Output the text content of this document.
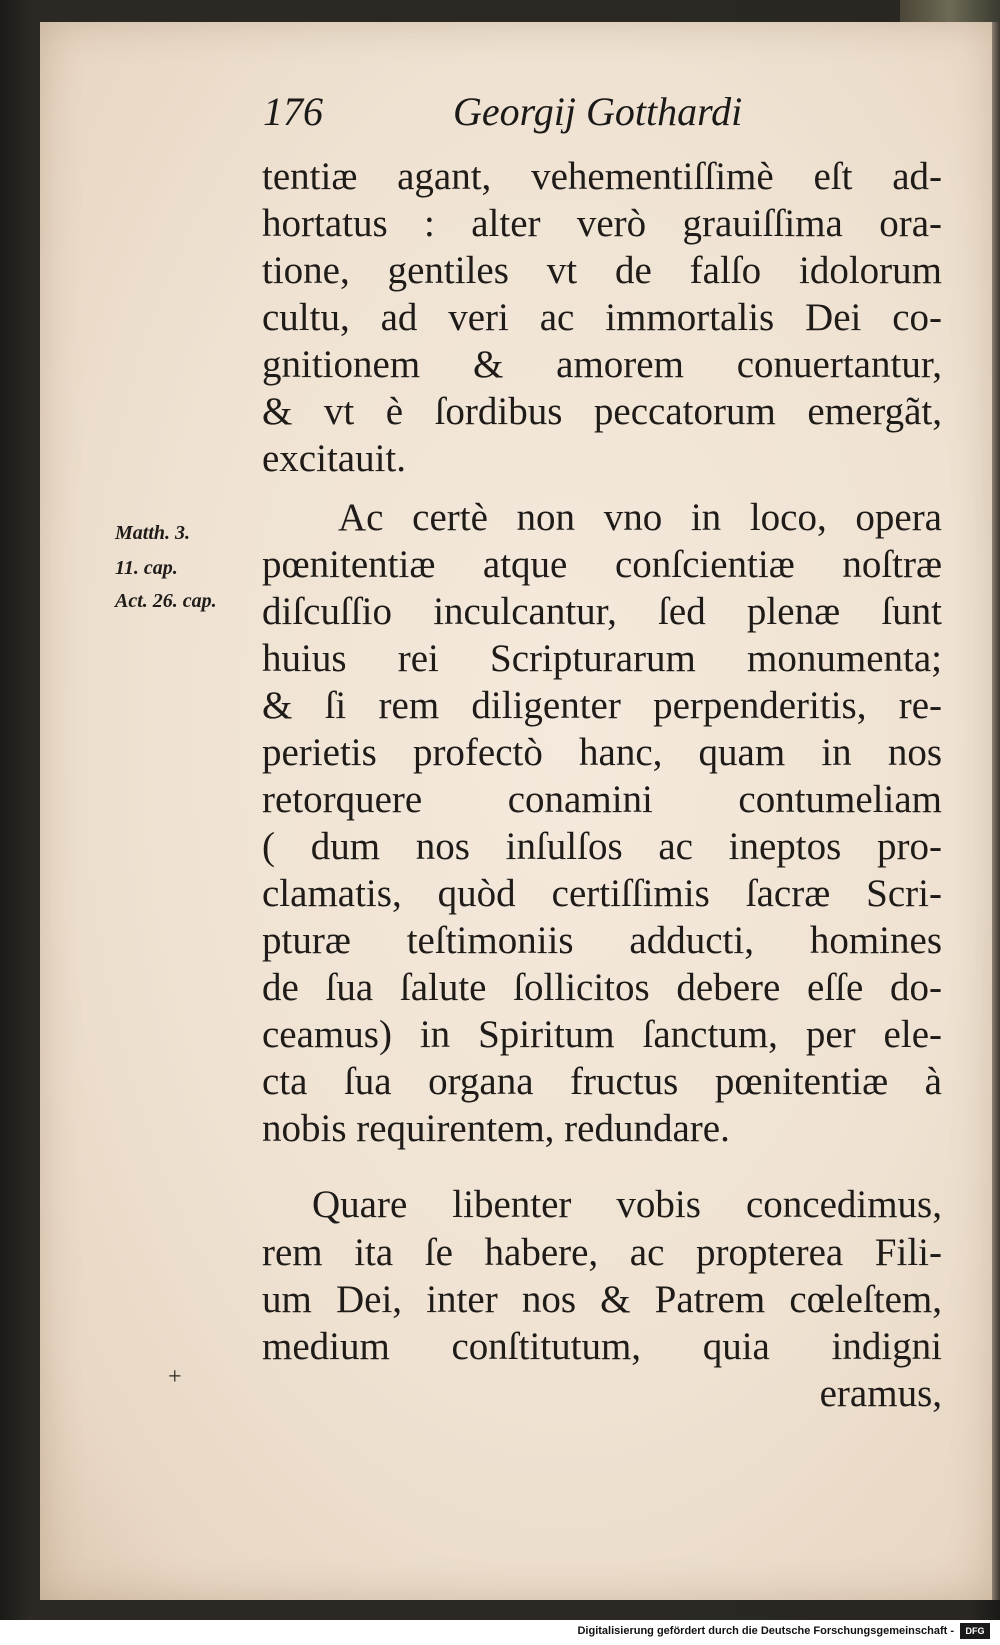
176	Georgij Gotthardi
tentiæ agant, vehementiſſimè eſt ad-
hortatus : alter verò grauiſſima ora-
tione, gentiles vt de falſo idolorum
cultu, ad veri ac immortalis Dei co-
gnitionem & amorem conuertantur,
& vt è ſordibus peccatorum emergãt,
excitauit.
Ac certè non vno in loco, opera
pœnitentiæ atque conſcientiæ noſtræ
diſcuſſio inculcantur, ſed plenæ ſunt
huius rei Scripturarum monumenta;
& ſi rem diligenter perpenderitis, re-
perietis profectò hanc, quam in nos
retorquere conamini contumeliam
( dum nos inſulſos ac ineptos pro-
clamatis, quòd certiſſimis ſacræ Scri-
pturæ teſtimoniis adducti, homines
de ſua ſalute ſollicitos debere eſſe do-
ceamus) in Spiritum ſanctum, per ele-
cta ſua organa fructus pœnitentiæ à
nobis requirentem, redundare.
Quare libenter vobis concedimus,
rem ita ſe habere, ac propterea Fili-
um Dei, inter nos & Patrem cœleſtem,
medium conſtitutum, quia indigni
eramus,
Matth. 3.
11. cap.
Act. 26. cap.
+
Digitalisierung gefördert durch die Deutsche Forschungsgemeinschaft -	DFG
